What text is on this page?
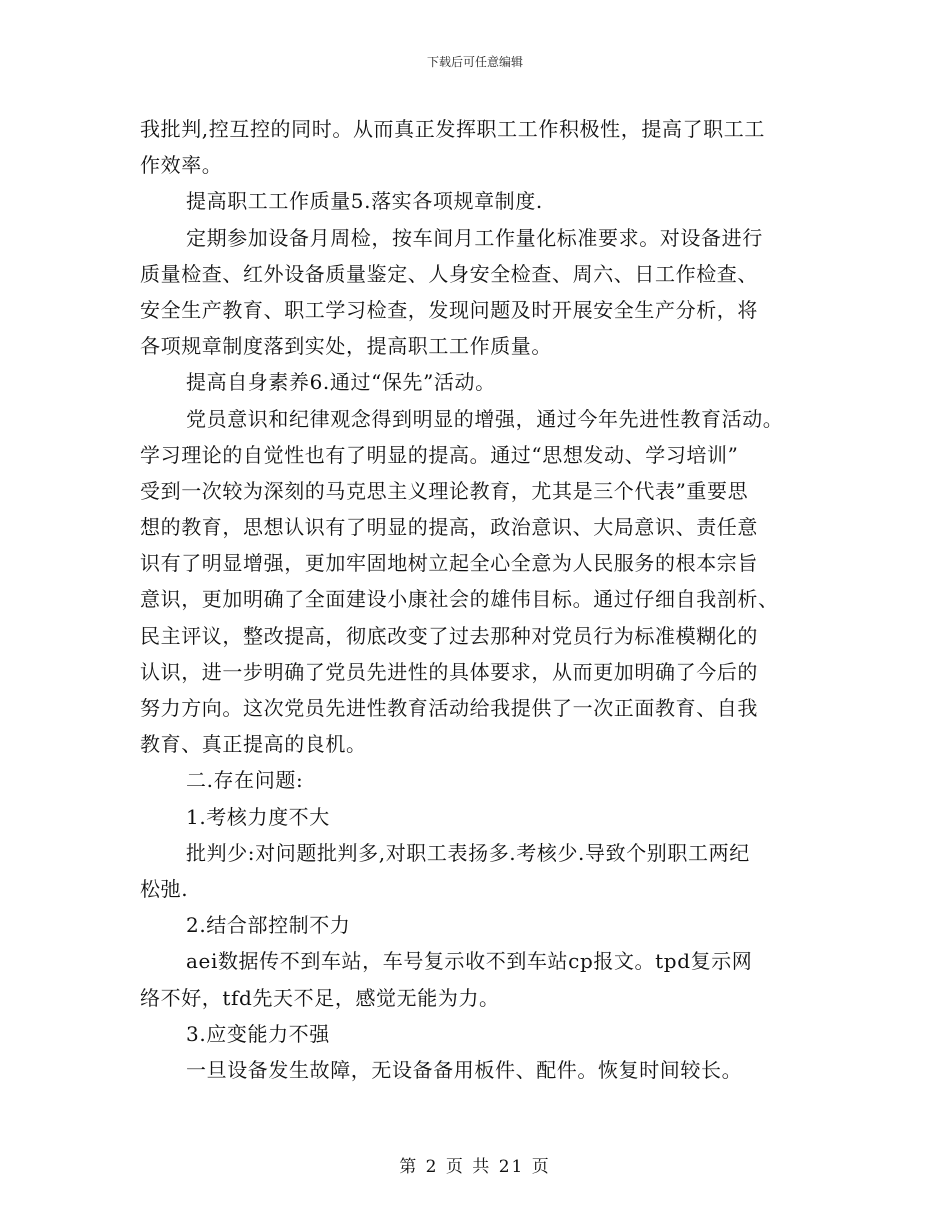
下载后可任意编辑
我批判,控互控的同时。从而真正发挥职工工作积极性，提高了职工工
作效率。
提高职工工作质量5.落实各项规章制度.
定期参加设备月周检，按车间月工作量化标准要求。对设备进行
质量检查、红外设备质量鉴定、人身安全检查、周六、日工作检查、
安全生产教育、职工学习检查，发现问题及时开展安全生产分析，将
各项规章制度落到实处，提高职工工作质量。
提高自身素养6.通过“保先”活动。
党员意识和纪律观念得到明显的增强，通过今年先进性教育活动。
学习理论的自觉性也有了明显的提高。通过“思想发动、学习培训”
受到一次较为深刻的马克思主义理论教育，尤其是三个代表”重要思
想的教育，思想认识有了明显的提高，政治意识、大局意识、责任意
识有了明显增强，更加牢固地树立起全心全意为人民服务的根本宗旨
意识，更加明确了全面建设小康社会的雄伟目标。通过仔细自我剖析、
民主评议，整改提高，彻底改变了过去那种对党员行为标准模糊化的
认识，进一步明确了党员先进性的具体要求，从而更加明确了今后的
努力方向。这次党员先进性教育活动给我提供了一次正面教育、自我
教育、真正提高的良机。
二.存在问题:
1.考核力度不大
批判少:对问题批判多,对职工表扬多.考核少.导致个别职工两纪
松弛.
2.结合部控制不力
aei数据传不到车站，车号复示收不到车站cp报文。tpd复示网
络不好，tfd先天不足，感觉无能为力。
3.应变能力不强
一旦设备发生故障，无设备备用板件、配件。恢复时间较长。
第 2 页 共 21 页
